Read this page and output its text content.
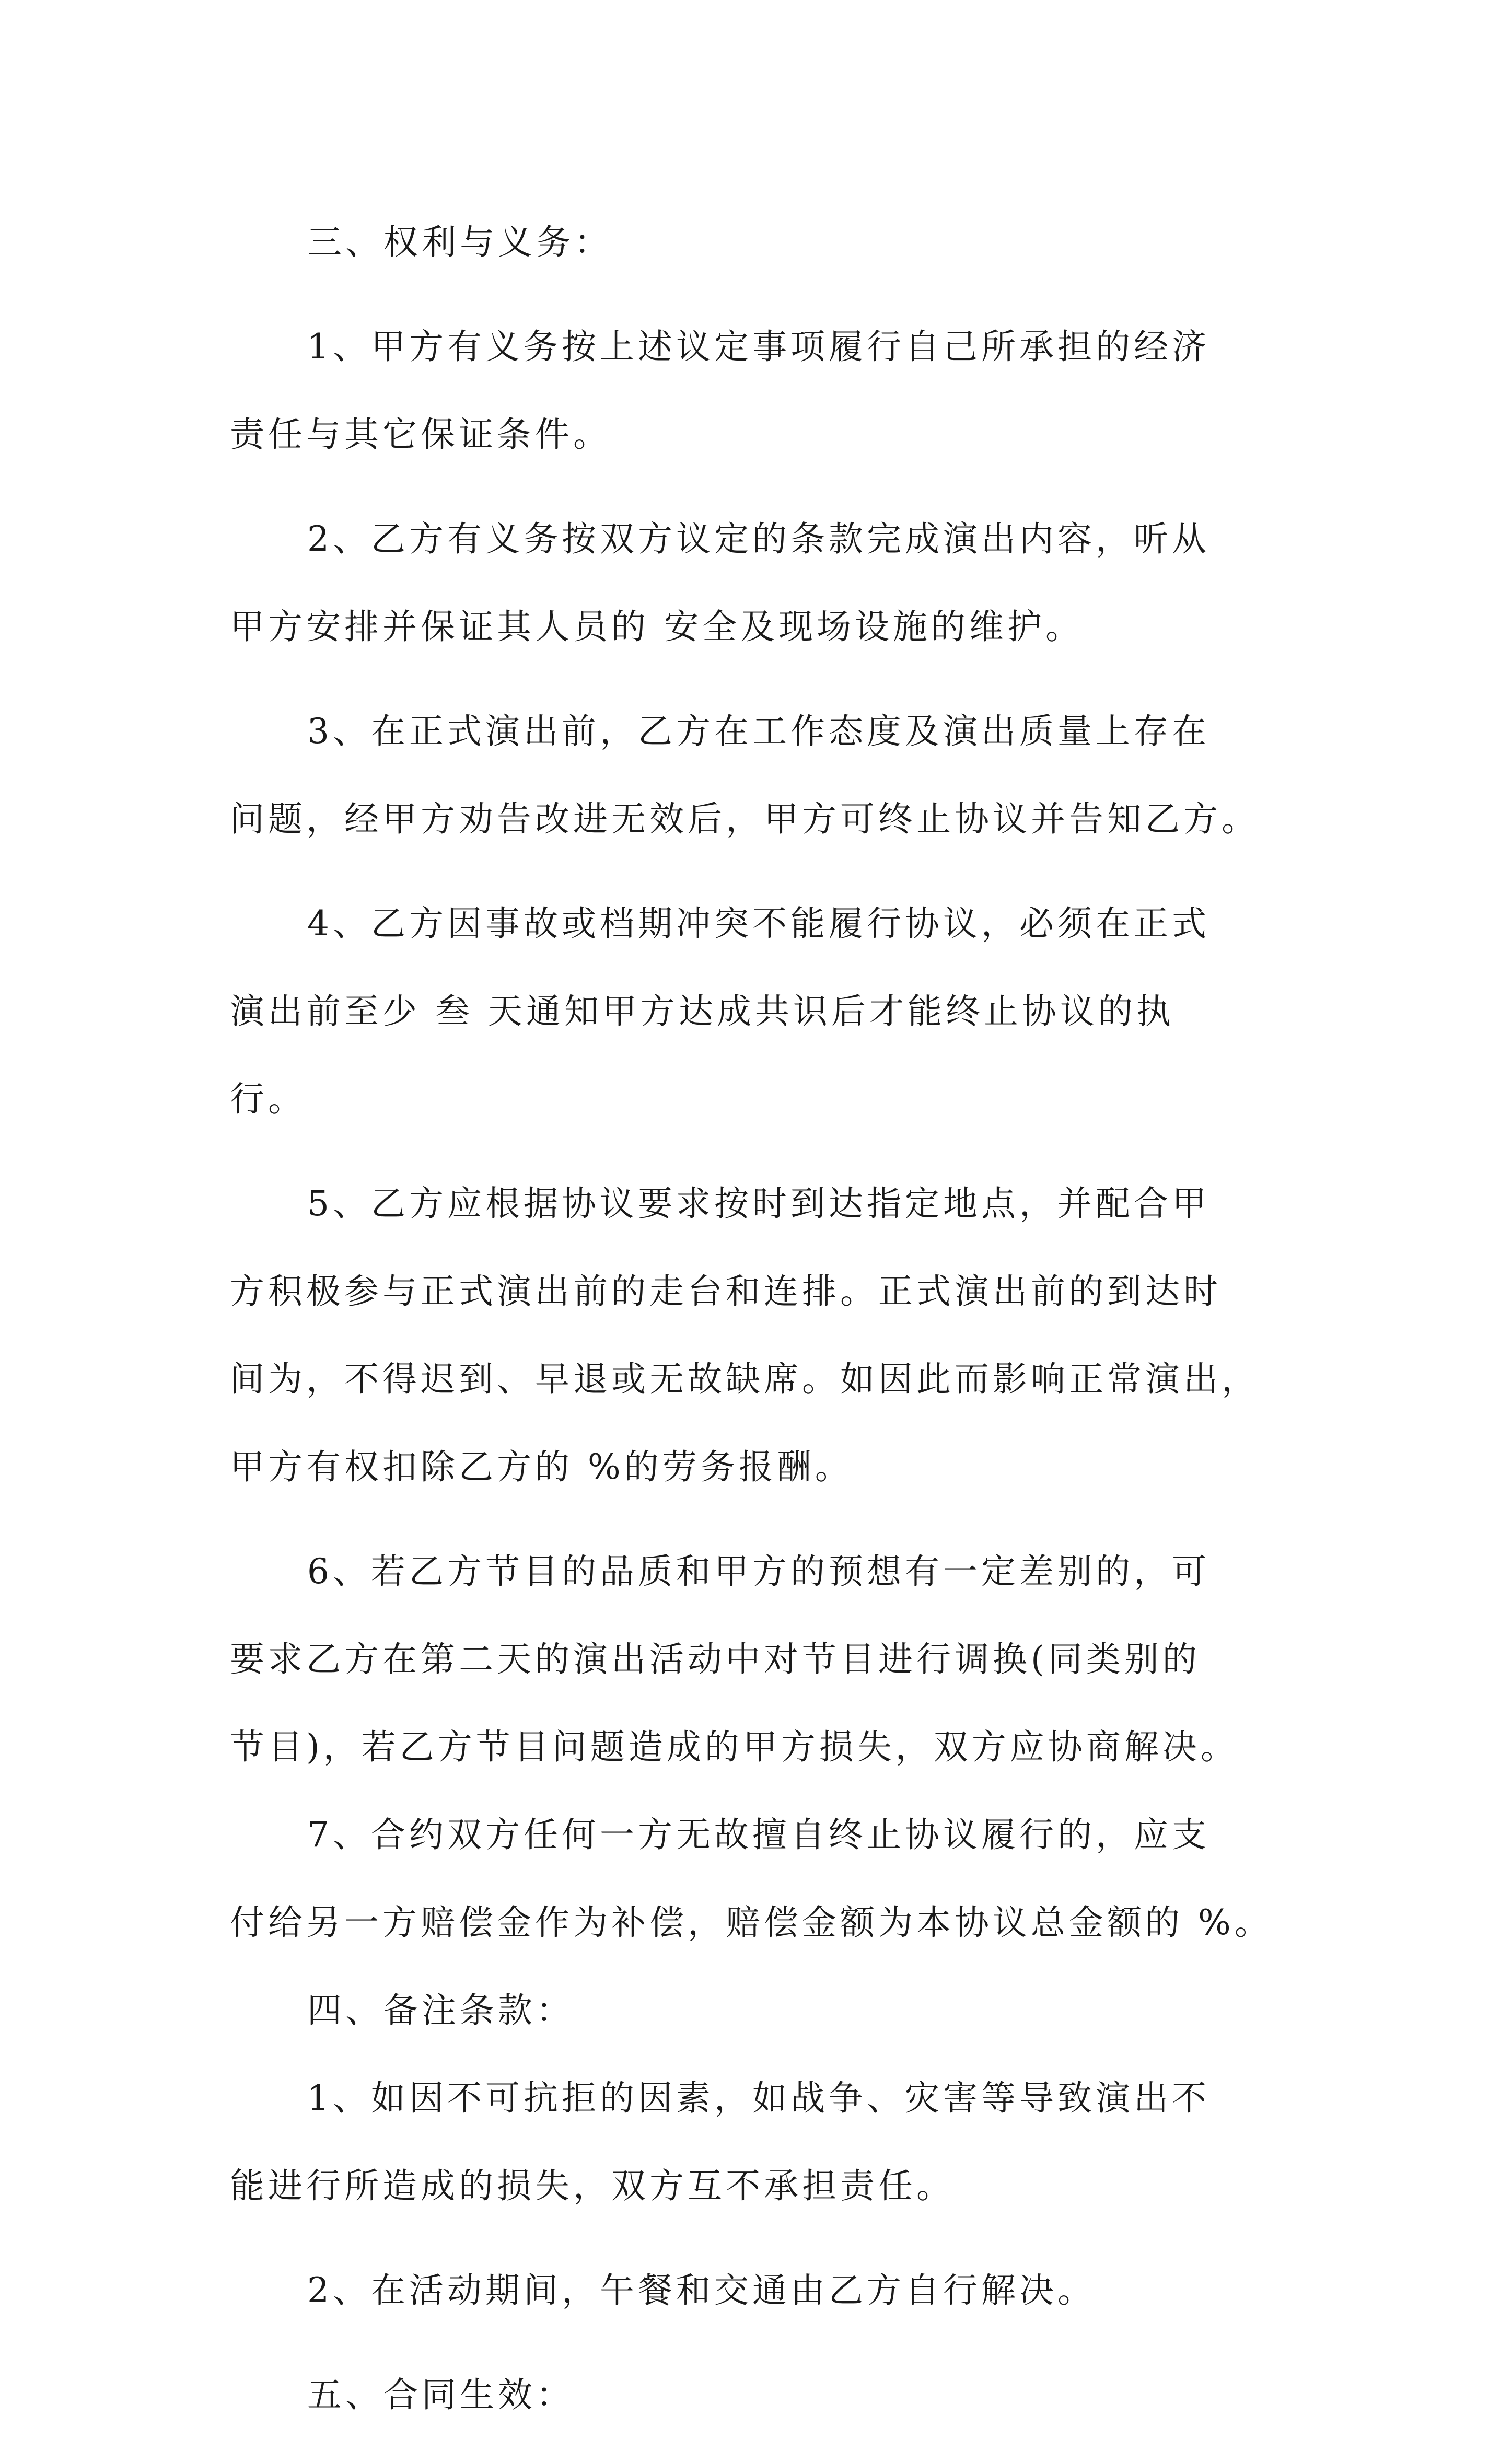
三、权利与义务：

1、甲方有义务按上述议定事项履行自己所承担的经济

责任与其它保证条件。

2、乙方有义务按双方议定的条款完成演出内容，听从

甲方安排并保证其人员的 安全及现场设施的维护。

3、在正式演出前，乙方在工作态度及演出质量上存在

问题，经甲方劝告改进无效后，甲方可终止协议并告知乙方。

4、乙方因事故或档期冲突不能履行协议，必须在正式

演出前至少 叁 天通知甲方达成共识后才能终止协议的执

行。

5、乙方应根据协议要求按时到达指定地点，并配合甲

方积极参与正式演出前的走台和连排。正式演出前的到达时

间为，不得迟到、早退或无故缺席。如因此而影响正常演出，

甲方有权扣除乙方的 %的劳务报酬。

6、若乙方节目的品质和甲方的预想有一定差别的，可

要求乙方在第二天的演出活动中对节目进行调换(同类别的

节目)，若乙方节目问题造成的甲方损失，双方应协商解决。

7、合约双方任何一方无故擅自终止协议履行的，应支

付给另一方赔偿金作为补偿，赔偿金额为本协议总金额的 %。

四、备注条款：

1、如因不可抗拒的因素，如战争、灾害等导致演出不

能进行所造成的损失，双方互不承担责任。

2、在活动期间，午餐和交通由乙方自行解决。

五、合同生效：
